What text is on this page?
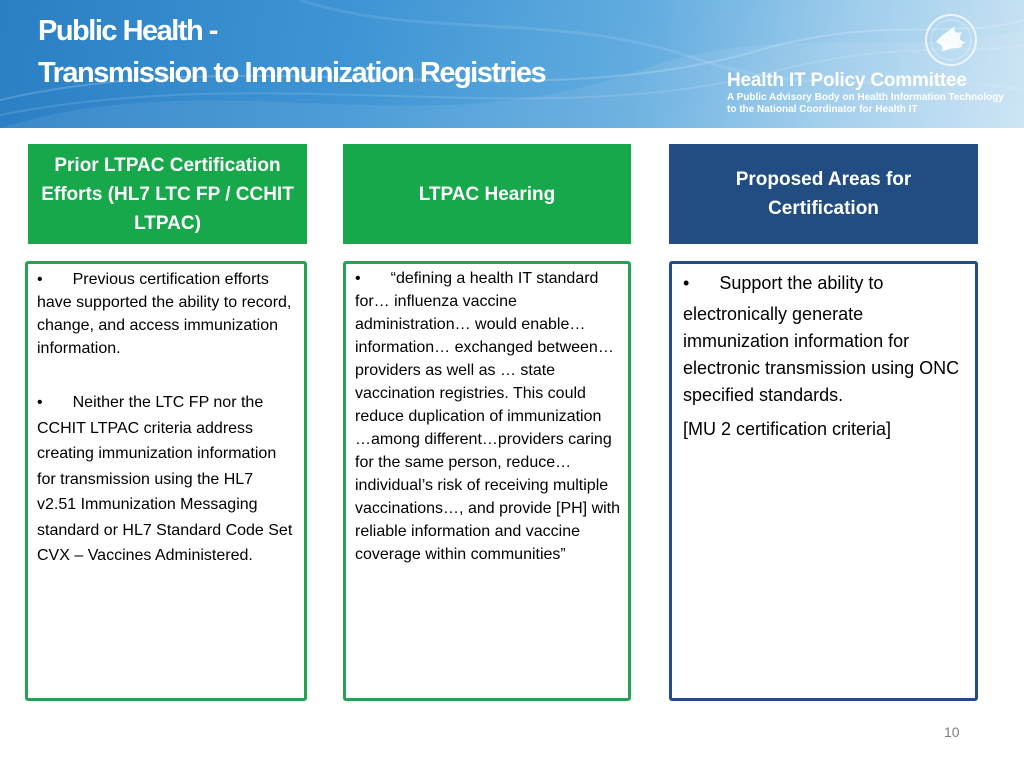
Public Health -
Transmission to Immunization Registries	Health IT Policy Committee
A Public Advisory Body on Health Information Technology
to the National Coordinator for Health IT
Prior LTPAC Certification Efforts (HL7 LTC FP / CCHIT LTPAC)
LTPAC Hearing
Proposed Areas for Certification

• Previous certification efforts have supported the ability to record, change, and access immunization information.

• Neither the LTC FP nor the CCHIT LTPAC criteria address creating immunization information for transmission using the HL7 v2.51 Immunization Messaging standard or HL7 Standard Code Set CVX – Vaccines Administered.

• “defining a health IT standard for… influenza vaccine administration… would enable…information… exchanged between… providers as well as … state vaccination registries. This could reduce duplication of immunization …among different…providers caring for the same person, reduce… individual’s risk of receiving multiple vaccinations…, and provide [PH] with reliable information and vaccine coverage within communities”

• Support the ability to

electronically generate immunization information for electronic transmission using ONC specified standards.

[MU 2 certification criteria]

10
